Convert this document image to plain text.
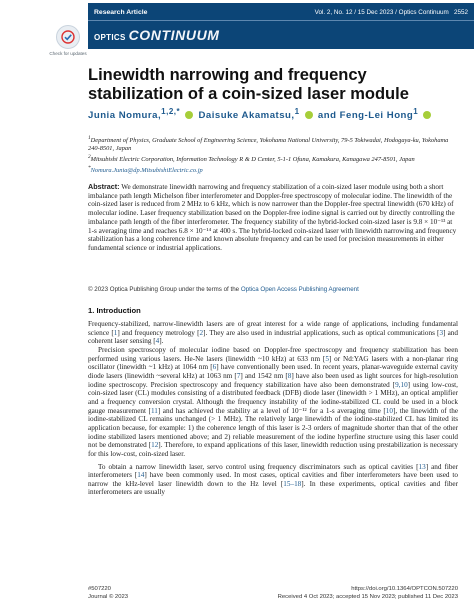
Check for updates
Research Article	Vol. 2, No. 12 / 15 Dec 2023 / Optics Continuum 2552
OPTICS CONTINUUM
Linewidth narrowing and frequency stabilization of a coin-sized laser module
Junia Nomura,$^{1,2,*}$ Daisuke Akamatsu,$^1$ and Feng-Lei Hong$^1$
$^1$Department of Physics, Graduate School of Engineering Science, Yokohama National University, 79-5 Tokiwadai, Hodogaya-ku, Yokohama 240-8501, Japan
$^2$Mitsubishi Electric Corporation, Information Technology R & D Center, 5-1-1 Ofuna, Kamakura, Kanagawa 247-8501, Japan
*Nomura.Junia@dp.MitsubishiElectric.co.jp
Abstract: We demonstrate linewidth narrowing and frequency stabilization of a coin-sized laser module using both a short imbalance path length Michelson fiber interferometer and Doppler-free spectroscopy of molecular iodine. The linewidth of the coin-sized laser is reduced from 2 MHz to 6 kHz, which is now narrower than the Doppler-free spectral linewidth (670 kHz) of molecular iodine. Laser frequency stabilization based on the Doppler-free iodine signal is carried out by directly controlling the imbalance path length of the fiber interferometer. The frequency stability of the hybrid-locked coin-sized laser is 9.8 × 10⁻¹³ at 1-s averaging time and reaches 6.8 × 10⁻¹⁴ at 400 s. The hybrid-locked coin-sized laser with linewidth narrowing and frequency stabilization has a long coherence time and known absolute frequency and can be used for precision measurements in either fundamental science or industrial applications.
© 2023 Optica Publishing Group under the terms of the Optica Open Access Publishing Agreement
1. Introduction

Frequency-stabilized, narrow-linewidth lasers are of great interest for a wide range of applications, including fundamental science [1] and frequency metrology [2]. They are also used in industrial applications, such as optical communications [3] and coherent laser sensing [4].

Precision spectroscopy of molecular iodine based on Doppler-free spectroscopy and frequency stabilization has been performed using various lasers. He-Ne lasers (linewidth ~10 kHz) at 633 nm [5] or Nd:YAG lasers with a non-planar ring oscillator (linewidth ~1 kHz) at 1064 nm [6] have conventionally been used. In recent years, planar-waveguide external cavity diode lasers (linewidth ~several kHz) at 1063 nm [7] and 1542 nm [8] have also been used as light sources for high-resolution iodine spectroscopy. Precision spectroscopy and frequency stabilization have also been demonstrated [9,10] using low-cost, coin-sized laser (CL) modules consisting of a distributed feedback (DFB) diode laser (linewidth > 1 MHz), an optical amplifier and a frequency conversion crystal. Although the frequency instability of the iodine-stabilized CL could be used in a block gauge measurement [11] and has achieved the stability at a level of 10⁻¹² for a 1-s averaging time [10], the linewidth of the iodine-stabilized CL remains unchanged (> 1 MHz). The relatively large linewidth of the iodine-stabilized CL has limited its application because, for example: 1) the coherence length of this laser is 2-3 orders of magnitude shorter than that of the other iodine stabilized lasers mentioned above; and 2) reliable measurement of the iodine hyperfine structure using this laser could not be demonstrated [12]. Therefore, to expand applications of this laser, linewidth reduction using prestabilization is necessary for this low-cost, coin-sized laser.

To obtain a narrow linewidth laser, servo control using frequency discriminators such as optical cavities [13] and fiber interferometers [14] have been commonly used. In most cases, optical cavities and fiber interferometers have been used to narrow the kHz-level laser linewidth down to the Hz level [15–18]. In these experiments, optical cavities and fiber interferometers are usually

#507220
Journal © 2023
https://doi.org/10.1364/OPTCON.507220
Received 4 Oct 2023; accepted 15 Nov 2023; published 11 Dec 2023
